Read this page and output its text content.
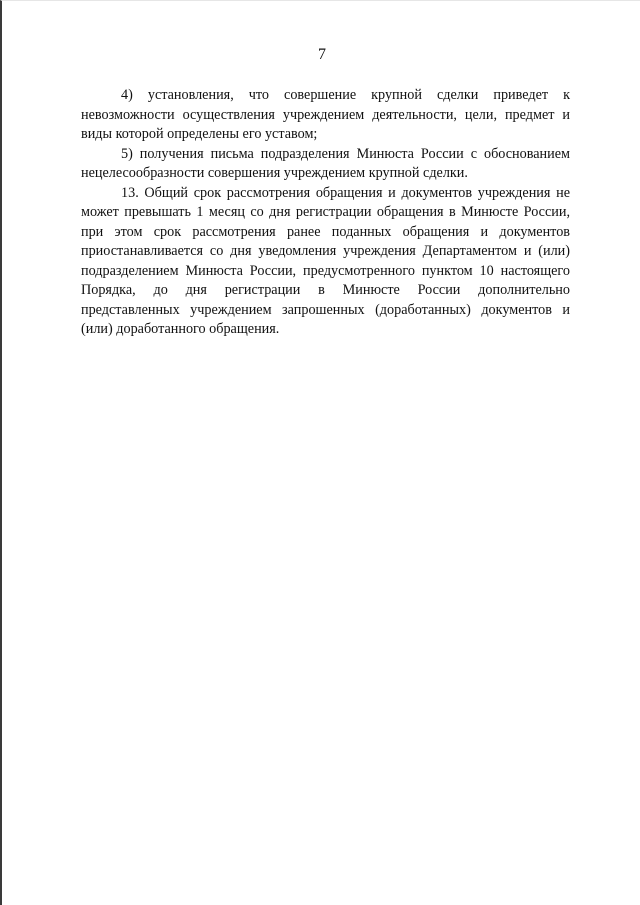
7

4) установления, что совершение крупной сделки приведет к невозможности осуществления учреждением деятельности, цели, предмет и виды которой определены его уставом;

5) получения письма подразделения Минюста России с обоснованием нецелесообразности совершения учреждением крупной сделки.

13. Общий срок рассмотрения обращения и документов учреждения не может превышать 1 месяц со дня регистрации обращения в Минюсте России, при этом срок рассмотрения ранее поданных обращения и документов приостанавливается со дня уведомления учреждения Департаментом и (или) подразделением Минюста России, предусмотренного пунктом 10 настоящего Порядка, до дня регистрации в Минюсте России дополнительно представленных учреждением запрошенных (доработанных) документов и (или) доработанного обращения.
